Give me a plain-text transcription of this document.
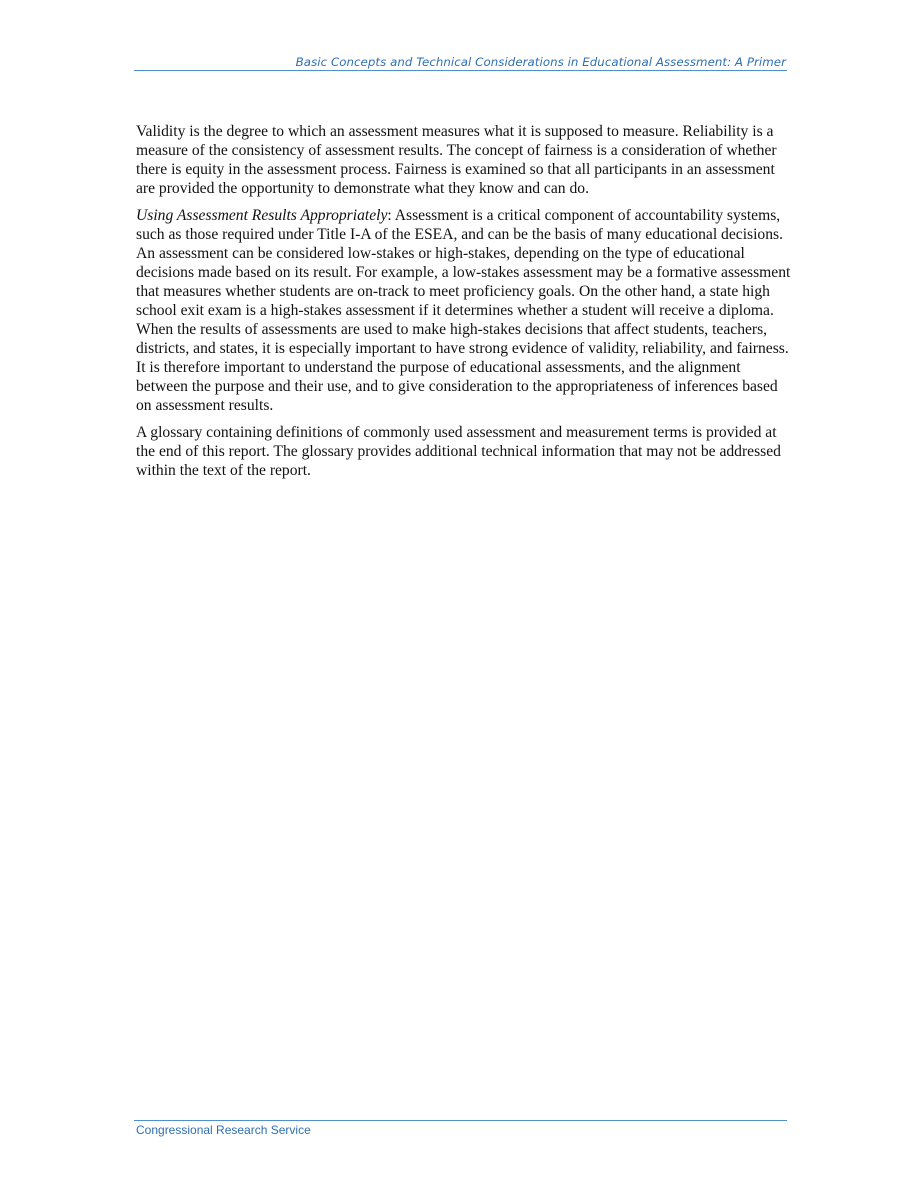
Basic Concepts and Technical Considerations in Educational Assessment: A Primer

Validity is the degree to which an assessment measures what it is supposed to measure. Reliability is a measure of the consistency of assessment results. The concept of fairness is a consideration of whether there is equity in the assessment process. Fairness is examined so that all participants in an assessment are provided the opportunity to demonstrate what they know and can do.

Using Assessment Results Appropriately: Assessment is a critical component of accountability systems, such as those required under Title I-A of the ESEA, and can be the basis of many educational decisions. An assessment can be considered low-stakes or high-stakes, depending on the type of educational decisions made based on its result. For example, a low-stakes assessment may be a formative assessment that measures whether students are on-track to meet proficiency goals. On the other hand, a state high school exit exam is a high-stakes assessment if it determines whether a student will receive a diploma. When the results of assessments are used to make high-stakes decisions that affect students, teachers, districts, and states, it is especially important to have strong evidence of validity, reliability, and fairness. It is therefore important to understand the purpose of educational assessments, and the alignment between the purpose and their use, and to give consideration to the appropriateness of inferences based on assessment results.

A glossary containing definitions of commonly used assessment and measurement terms is provided at the end of this report. The glossary provides additional technical information that may not be addressed within the text of the report.

Congressional Research Service
